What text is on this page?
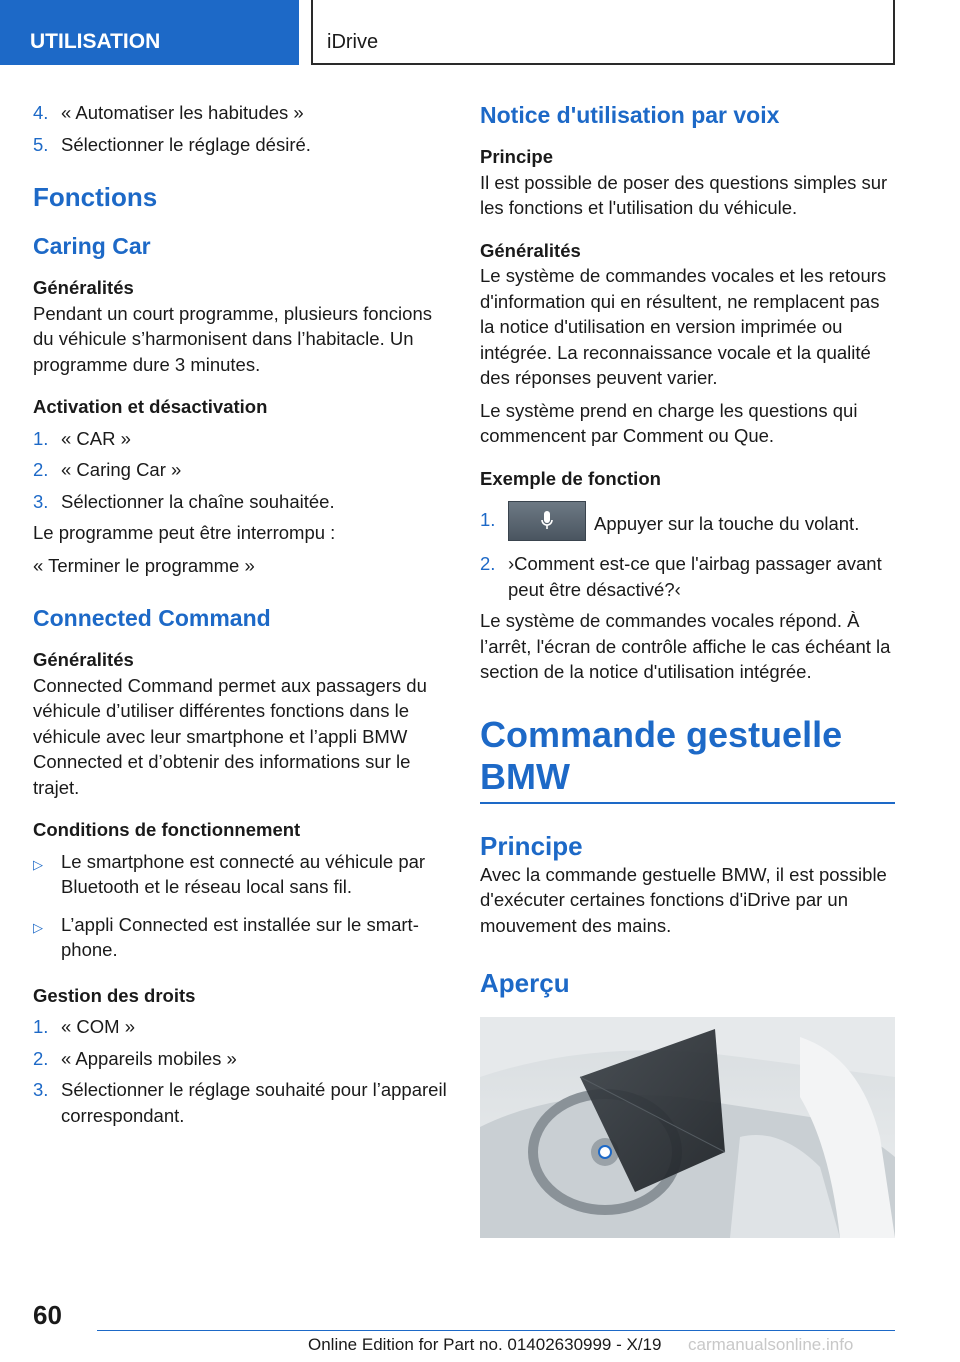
UTILISATION	iDrive
4. « Automatiser les habitudes »
5. Sélectionner le réglage désiré.
Fonctions
Caring Car
Généralités
Pendant un court programme, plusieurs foncions du véhicule s’harmonisent dans l’habitacle. Un programme dure 3 minutes.
Activation et désactivation
1. « CAR »
2. « Caring Car »
3. Sélectionner la chaîne souhaitée.
Le programme peut être interrompu :
« Terminer le programme »
Connected Command
Généralités
Connected Command permet aux passagers du véhicule d’utiliser différentes fonctions dans le véhicule avec leur smartphone et l’appli BMW Connected et d’obtenir des informations sur le trajet.
Conditions de fonctionnement
▷ Le smartphone est connecté au véhicule par Bluetooth et le réseau local sans fil.
▷ L’appli Connected est installée sur le smartphone.
Gestion des droits
1. « COM »
2. « Appareils mobiles »
3. Sélectionner le réglage souhaité pour l’appareil correspondant.
Notice d'utilisation par voix
Principe
Il est possible de poser des questions simples sur les fonctions et l'utilisation du véhicule.
Généralités
Le système de commandes vocales et les retours d'information qui en résultent, ne remplacent pas la notice d'utilisation en version imprimée ou intégrée. La reconnaissance vocale et la qualité des réponses peuvent varier.
Le système prend en charge les questions qui commencent par Comment ou Que.
Exemple de fonction
1.	Appuyer sur la touche du volant.
2. ›Comment est-ce que l'airbag passager avant peut être désactivé?‹
Le système de commandes vocales répond. À l’arrêt, l'écran de contrôle affiche le cas échéant la section de la notice d'utilisation intégrée.
Commande gestuelle BMW
Principe
Avec la commande gestuelle BMW, il est possible d'exécuter certaines fonctions d'iDrive par un mouvement des mains.
Aperçu
60
Online Edition for Part no. 01402630999 - X/19 carmanualsonline.info
